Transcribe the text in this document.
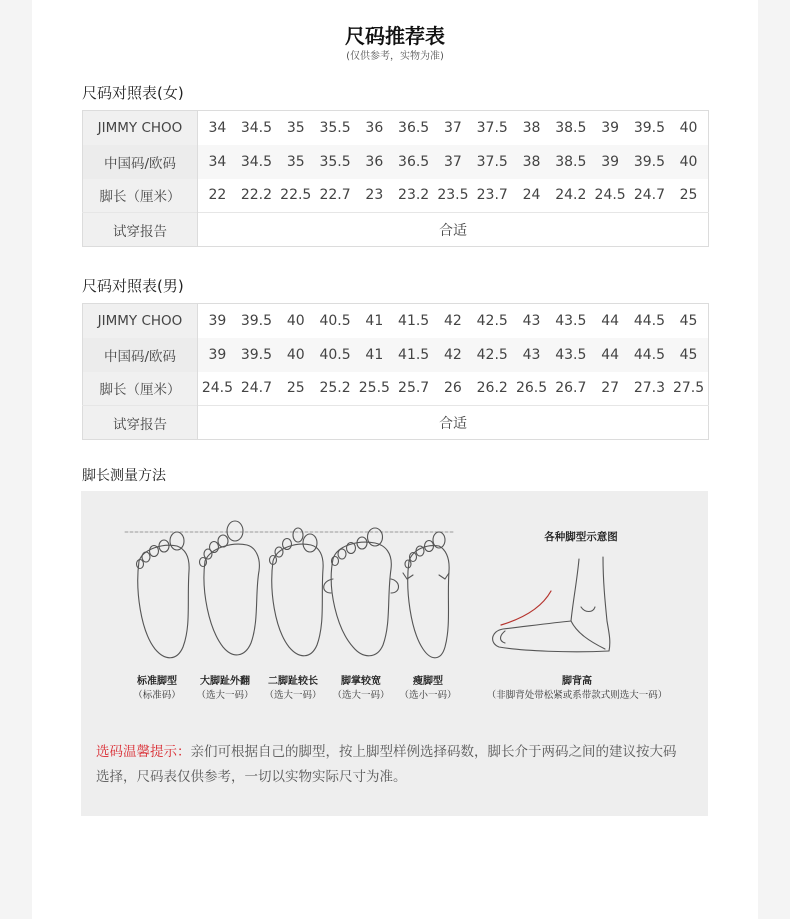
尺码推荐表
(仅供参考，实物为准)
尺码对照表(女)
JIMMY CHOO	34	34.5	35	35.5	36	36.5	37	37.5	38	38.5	39	39.5	40
中国码/欧码	34	34.5	35	35.5	36	36.5	37	37.5	38	38.5	39	39.5	40
脚长（厘米）	22	22.2	22.5	22.7	23	23.2	23.5	23.7	24	24.2	24.5	24.7	25
试穿报告	合适												
尺码对照表(男)
JIMMY CHOO	39	39.5	40	40.5	41	41.5	42	42.5	43	43.5	44	44.5	45
中国码/欧码	39	39.5	40	40.5	41	41.5	42	42.5	43	43.5	44	44.5	45
脚长（厘米）	24.5	24.7	25	25.2	25.5	25.7	26	26.2	26.5	26.7	27	27.3	27.5
试穿报告	合适												
脚长测量方法
标准脚型
（标准码）
大脚趾外翻
（选大一码）
二脚趾较长
（选大一码）
脚掌较宽
（选大一码）
瘦脚型
（选小一码）
各种脚型示意图
脚背高
（非脚背处带松紧或系带款式则选大一码）
选码温馨提示：亲们可根据自己的脚型，按上脚型样例选择码数，脚长介于两码之间的建议按大码选择，尺码表仅供参考，一切以实物实际尺寸为准。
